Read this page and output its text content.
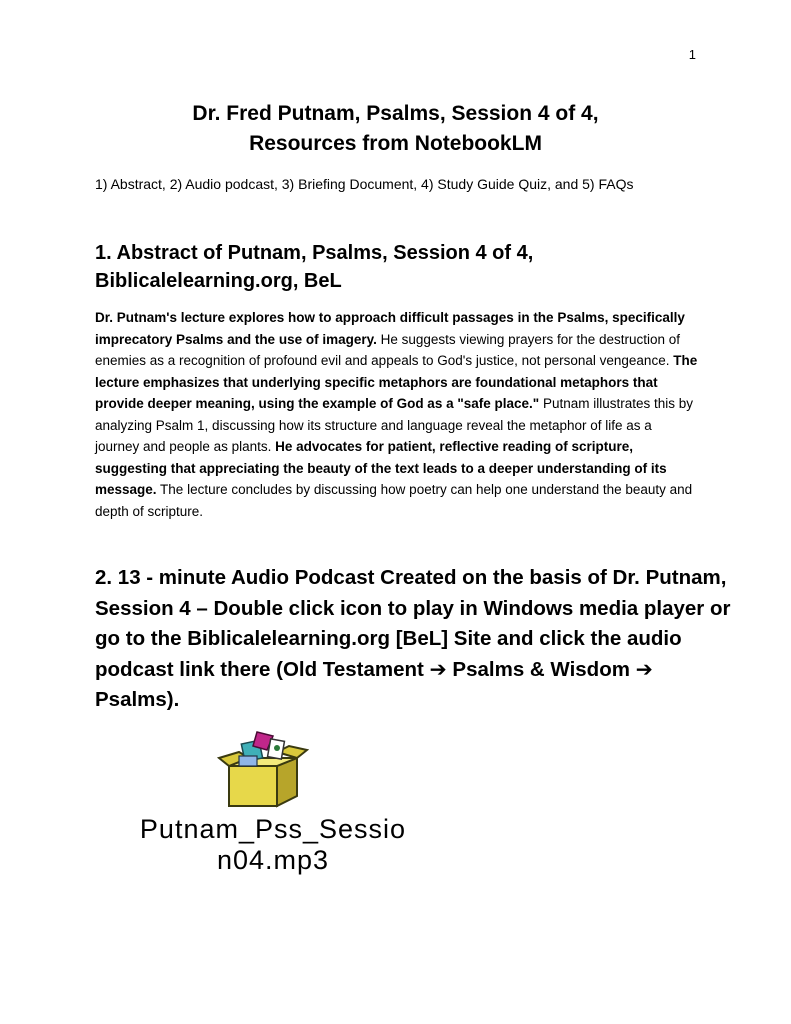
1
Dr. Fred Putnam, Psalms, Session 4 of 4,
Resources from NotebookLM
1) Abstract, 2) Audio podcast, 3) Briefing Document, 4) Study Guide Quiz, and 5) FAQs
1. Abstract of Putnam, Psalms, Session 4 of 4,
Biblicalelearning.org, BeL

Dr. Putnam's lecture explores how to approach difficult passages in the Psalms, specifically imprecatory Psalms and the use of imagery. He suggests viewing prayers for the destruction of enemies as a recognition of profound evil and appeals to God's justice, not personal vengeance. The lecture emphasizes that underlying specific metaphors are foundational metaphors that provide deeper meaning, using the example of God as a "safe place." Putnam illustrates this by analyzing Psalm 1, discussing how its structure and language reveal the metaphor of life as a journey and people as plants. He advocates for patient, reflective reading of scripture, suggesting that appreciating the beauty of the text leads to a deeper understanding of its message. The lecture concludes by discussing how poetry can help one understand the beauty and depth of scripture.

2. 13 - minute Audio Podcast Created on the basis of Dr. Putnam, Session 4 – Double click icon to play in Windows media player or go to the Biblicalelearning.org [BeL] Site and click the audio podcast link there (Old Testament ➔ Psalms & Wisdom ➔ Psalms).
Putnam_Pss_Sessio
n04.mp3
